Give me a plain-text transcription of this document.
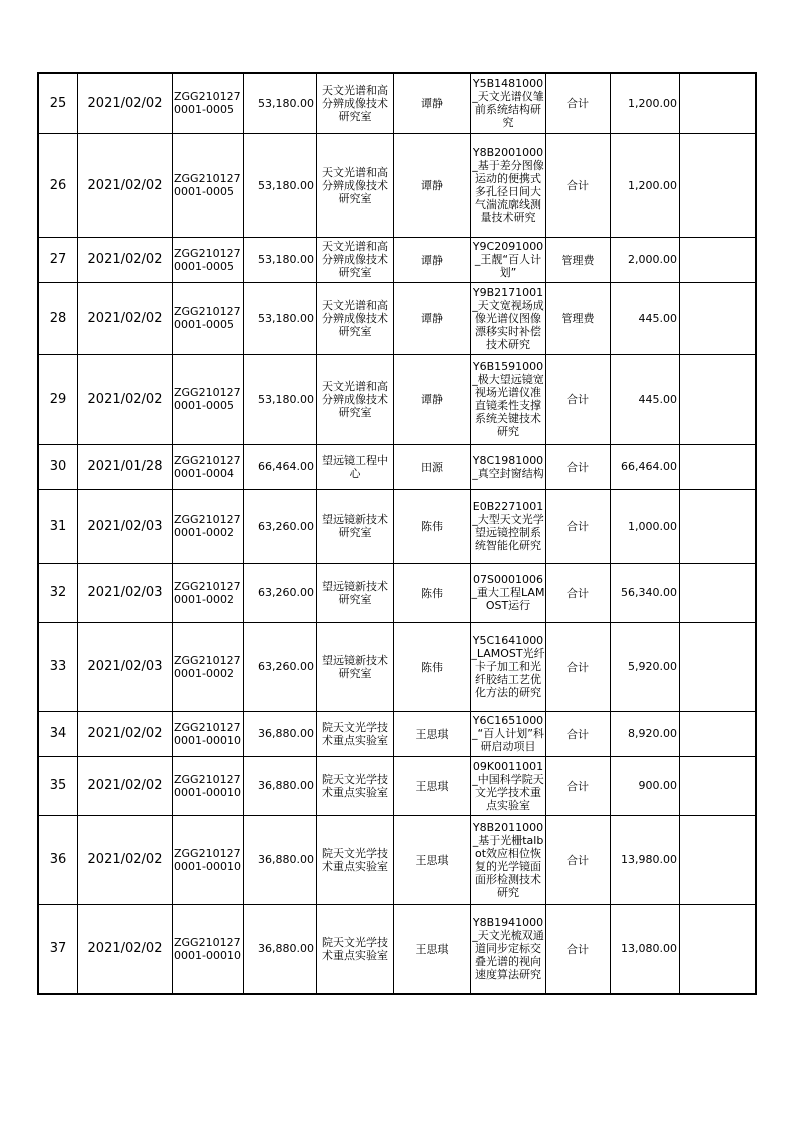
25	2021/02/02	ZGG2101270001-0005	53,180.00	天文光谱和高分辨成像技术研究室	谭静	Y5B1481000_天文光谱仪雏前系统结构研究	合计	1,200.00	
26	2021/02/02	ZGG2101270001-0005	53,180.00	天文光谱和高分辨成像技术研究室	谭静	Y8B2001000_基于差分图像运动的便携式多孔径日间大气湍流廓线测量技术研究	合计	1,200.00	
27	2021/02/02	ZGG2101270001-0005	53,180.00	天文光谱和高分辨成像技术研究室	谭静	Y9C2091000_王靓“百人计划”	管理费	2,000.00	
28	2021/02/02	ZGG2101270001-0005	53,180.00	天文光谱和高分辨成像技术研究室	谭静	Y9B2171001_天文宽视场成像光谱仪图像漂移实时补偿技术研究	管理费	445.00	
29	2021/02/02	ZGG2101270001-0005	53,180.00	天文光谱和高分辨成像技术研究室	谭静	Y6B1591000_极大望远镜宽视场光谱仪准直镜柔性支撑系统关键技术研究	合计	445.00	
30	2021/01/28	ZGG2101270001-0004	66,464.00	望远镜工程中心	田源	Y8C1981000_真空封窗结构	合计	66,464.00	
31	2021/02/03	ZGG2101270001-0002	63,260.00	望远镜新技术研究室	陈伟	E0B2271001_大型天文光学望远镜控制系统智能化研究	合计	1,000.00	
32	2021/02/03	ZGG2101270001-0002	63,260.00	望远镜新技术研究室	陈伟	07S0001006_重大工程LAMOST运行	合计	56,340.00	
33	2021/02/03	ZGG2101270001-0002	63,260.00	望远镜新技术研究室	陈伟	Y5C1641000_LAMOST光纤卡子加工和光纤胶结工艺优化方法的研究	合计	5,920.00	
34	2021/02/02	ZGG2101270001-00010	36,880.00	院天文光学技术重点实验室	王思琪	Y6C1651000_“百人计划”科研启动项目	合计	8,920.00	
35	2021/02/02	ZGG2101270001-00010	36,880.00	院天文光学技术重点实验室	王思琪	09K0011001_中国科学院天文光学技术重点实验室	合计	900.00	
36	2021/02/02	ZGG2101270001-00010	36,880.00	院天文光学技术重点实验室	王思琪	Y8B2011000_基于光栅talbot效应相位恢复的光学镜面面形检测技术研究	合计	13,980.00	
37	2021/02/02	ZGG2101270001-00010	36,880.00	院天文光学技术重点实验室	王思琪	Y8B1941000_天文光梳双通道同步定标交叠光谱的视向速度算法研究	合计	13,080.00	
